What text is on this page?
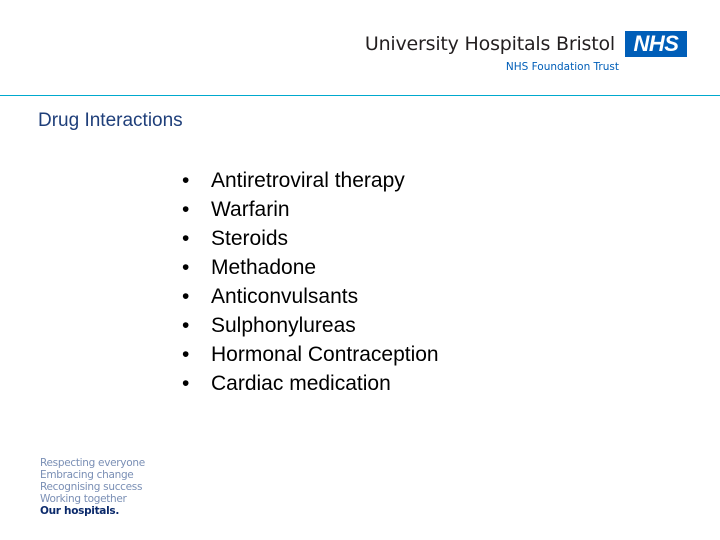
University Hospitals Bristol NHS
NHS Foundation Trust
Drug Interactions
•	Antiretroviral therapy
•	Warfarin
•	Steroids
•	Methadone
•	Anticonvulsants
•	Sulphonylureas
•	Hormonal Contraception
•	Cardiac medication
Respecting everyone
Embracing change
Recognising success
Working together
Our hospitals.
